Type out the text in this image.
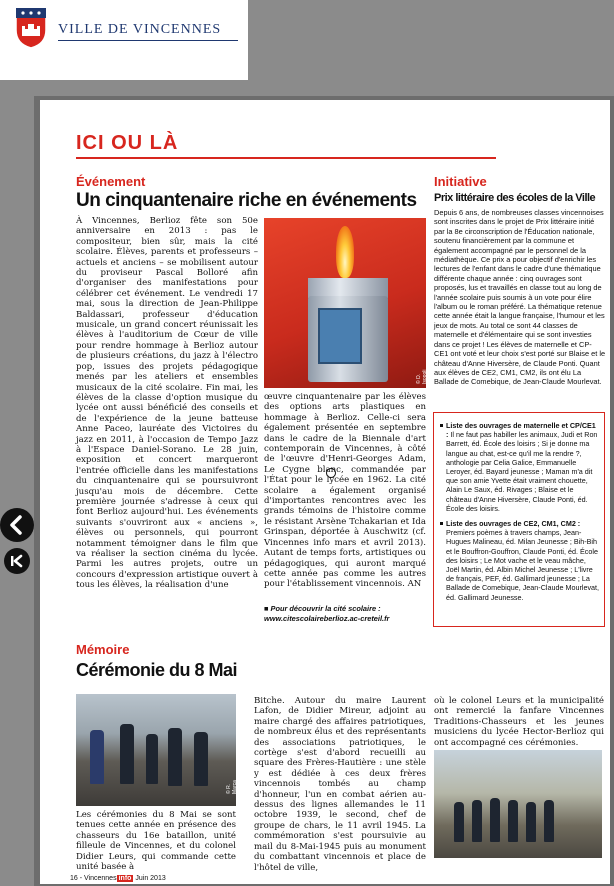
VILLE DE VINCENNES
ICI OU LÀ
Événement
Un cinquantenaire riche en événements
À Vincennes, Berlioz fête son 50e anniversaire en 2013 : pas le compositeur, bien sûr, mais la cité scolaire. Élèves, parents et professeurs – actuels et anciens – se mobilisent autour du proviseur Pascal Bolloré afin d'organiser des manifestations pour célébrer cet événement. Le vendredi 17 mai, sous la direction de Jean-Philippe Baldassari, professeur d'éducation musicale, un grand concert réunissait les élèves à l'auditorium de Cœur de ville pour rendre hommage à Berlioz autour de plusieurs créations, du jazz à l'électro pop, issues des projets pédagogique menés par les ateliers et ensembles musicaux de la cité scolaire. Fin mai, les élèves de la classe d'option musique du lycée ont aussi bénéficié des conseils et de l'expérience de la jeune batteuse Anne Paceo, lauréate des Victoires du jazz en 2011, à l'occasion de Tempo Jazz à l'Espace Daniel-Sorano. Le 28 juin, exposition et concert marqueront l'entrée officielle dans les manifestations du cinquantenaire qui se poursuivront jusqu'au mois de décembre. Cette première journée s'adresse à ceux qui font Berlioz aujourd'hui. Les événements suivants s'ouvriront aux « anciens », élèves ou personnels, qui pourront notamment témoigner dans le film que va réaliser la section cinéma du lycée. Parmi les autres projets, outre un concours d'expression artistique ouvert à tous les élèves, la réalisation d'une
© D. Isopoli
œuvre cinquantenaire par les élèves des options arts plastiques en hommage à Berlioz. Celle-ci sera également présentée en septembre dans le cadre de la Biennale d'art contemporain de Vincennes, à côté de l'œuvre d'Henri-Georges Adam, Le Cygne blanc, commandée par l'État pour le lycée en 1962. La cité scolaire a également organisé d'importantes rencontres avec les grands témoins de l'histoire comme le résistant Arsène Tchakarian et Ida Grinspan, déportée à Auschwitz (cf. Vincennes info mars et avril 2013). Autant de temps forts, artistiques ou pédagogiques, qui auront marqué cette année pas comme les autres pour l'établissement vincennois. AN
■ Pour découvrir la cité scolaire :
www.citescolaireberlioz.ac-creteil.fr
Initiative
Prix littéraire des écoles de la Ville
Depuis 6 ans, de nombreuses classes vincennoises sont inscrites dans le projet de Prix littéraire initié par la 8e circonscription de l'Éducation nationale, soutenu financièrement par la commune et également accompagné par le personnel de la médiathèque. Ce prix a pour objectif d'enrichir les lectures de l'enfant dans le cadre d'une thématique différente chaque année : cinq ouvrages sont proposés, lus et travaillés en classe tout au long de l'année scolaire puis soumis à un vote pour élire l'album ou le roman préféré. La thématique retenue cette année était la langue française, l'humour et les jeux de mots. Au total ce sont 44 classes de maternelle et d'élémentaire qui se sont investies dans ce projet ! Les élèves de maternelle et CP-CE1 ont voté et leur choix s'est porté sur Blaise et le château d'Anne Hiversère, de Claude Ponti. Quant aux élèves de CE2, CM1, CM2, ils ont élu La Ballade de Comebique, de Jean-Claude Mourlevat.
Liste des ouvrages de maternelle et CP/CE1 : Il ne faut pas habiller les animaux, Judi et Ron Barrett, éd. École des loisirs ; Si je donne ma langue au chat, est-ce qu'il me la rendre ?, anthologie par Celia Galice, Emmanuelle Leroyer, éd. Bayard jeunesse ; Maman m'a dit que son amie Yvette était vraiment chouette, Alain Le Saux, éd. Rivages ; Blaise et le château d'Anne Hiversère, Claude Ponti, éd. École des loisirs.
Liste des ouvrages de CE2, CM1, CM2 : Premiers poèmes à travers champs, Jean-Hugues Malineau, éd. Milan Jeunesse ; Bih-Bih et le Bouffron-Gouffron, Claude Ponti, éd. École des loisirs ; Le Mot vache et le veau mâche, Joël Martin, éd. Albin Michel Jeunesse ; L'livre de français, PEF, éd. Gallimard jeunesse ; La Ballade de Comebique, Jean-Claude Mourlevat, éd. Gallimard Jeunesse.
Mémoire
Cérémonie du 8 Mai
© R. Marca
Les cérémonies du 8 Mai se sont tenues cette année en présence des chasseurs du 16e bataillon, unité filleule de Vincennes, et du colonel Didier Leurs, qui commande cette unité basée à
Bitche. Autour du maire Laurent Lafon, de Didier Mireur, adjoint au maire chargé des affaires patriotiques, de nombreux élus et des représentants des associations patriotiques, le cortège s'est d'abord recueilli au square des Frères-Hautière : une stèle y est dédiée à ces deux frères vincennois tombés au champ d'honneur, l'un en combat aérien au-dessus des lignes allemandes le 11 octobre 1939, le second, chef de groupe de chars, le 11 avril 1945. La commémoration s'est poursuivie au mail du 8-Mai-1945 puis au monument du combattant vincennois et place de l'hôtel de ville,
où le colonel Leurs et la municipalité ont remercié la fanfare Vincennes Traditions-Chasseurs et les jeunes musiciens du lycée Hector-Berlioz qui ont accompagné ces cérémonies.
16 - Vincennes info Juin 2013
